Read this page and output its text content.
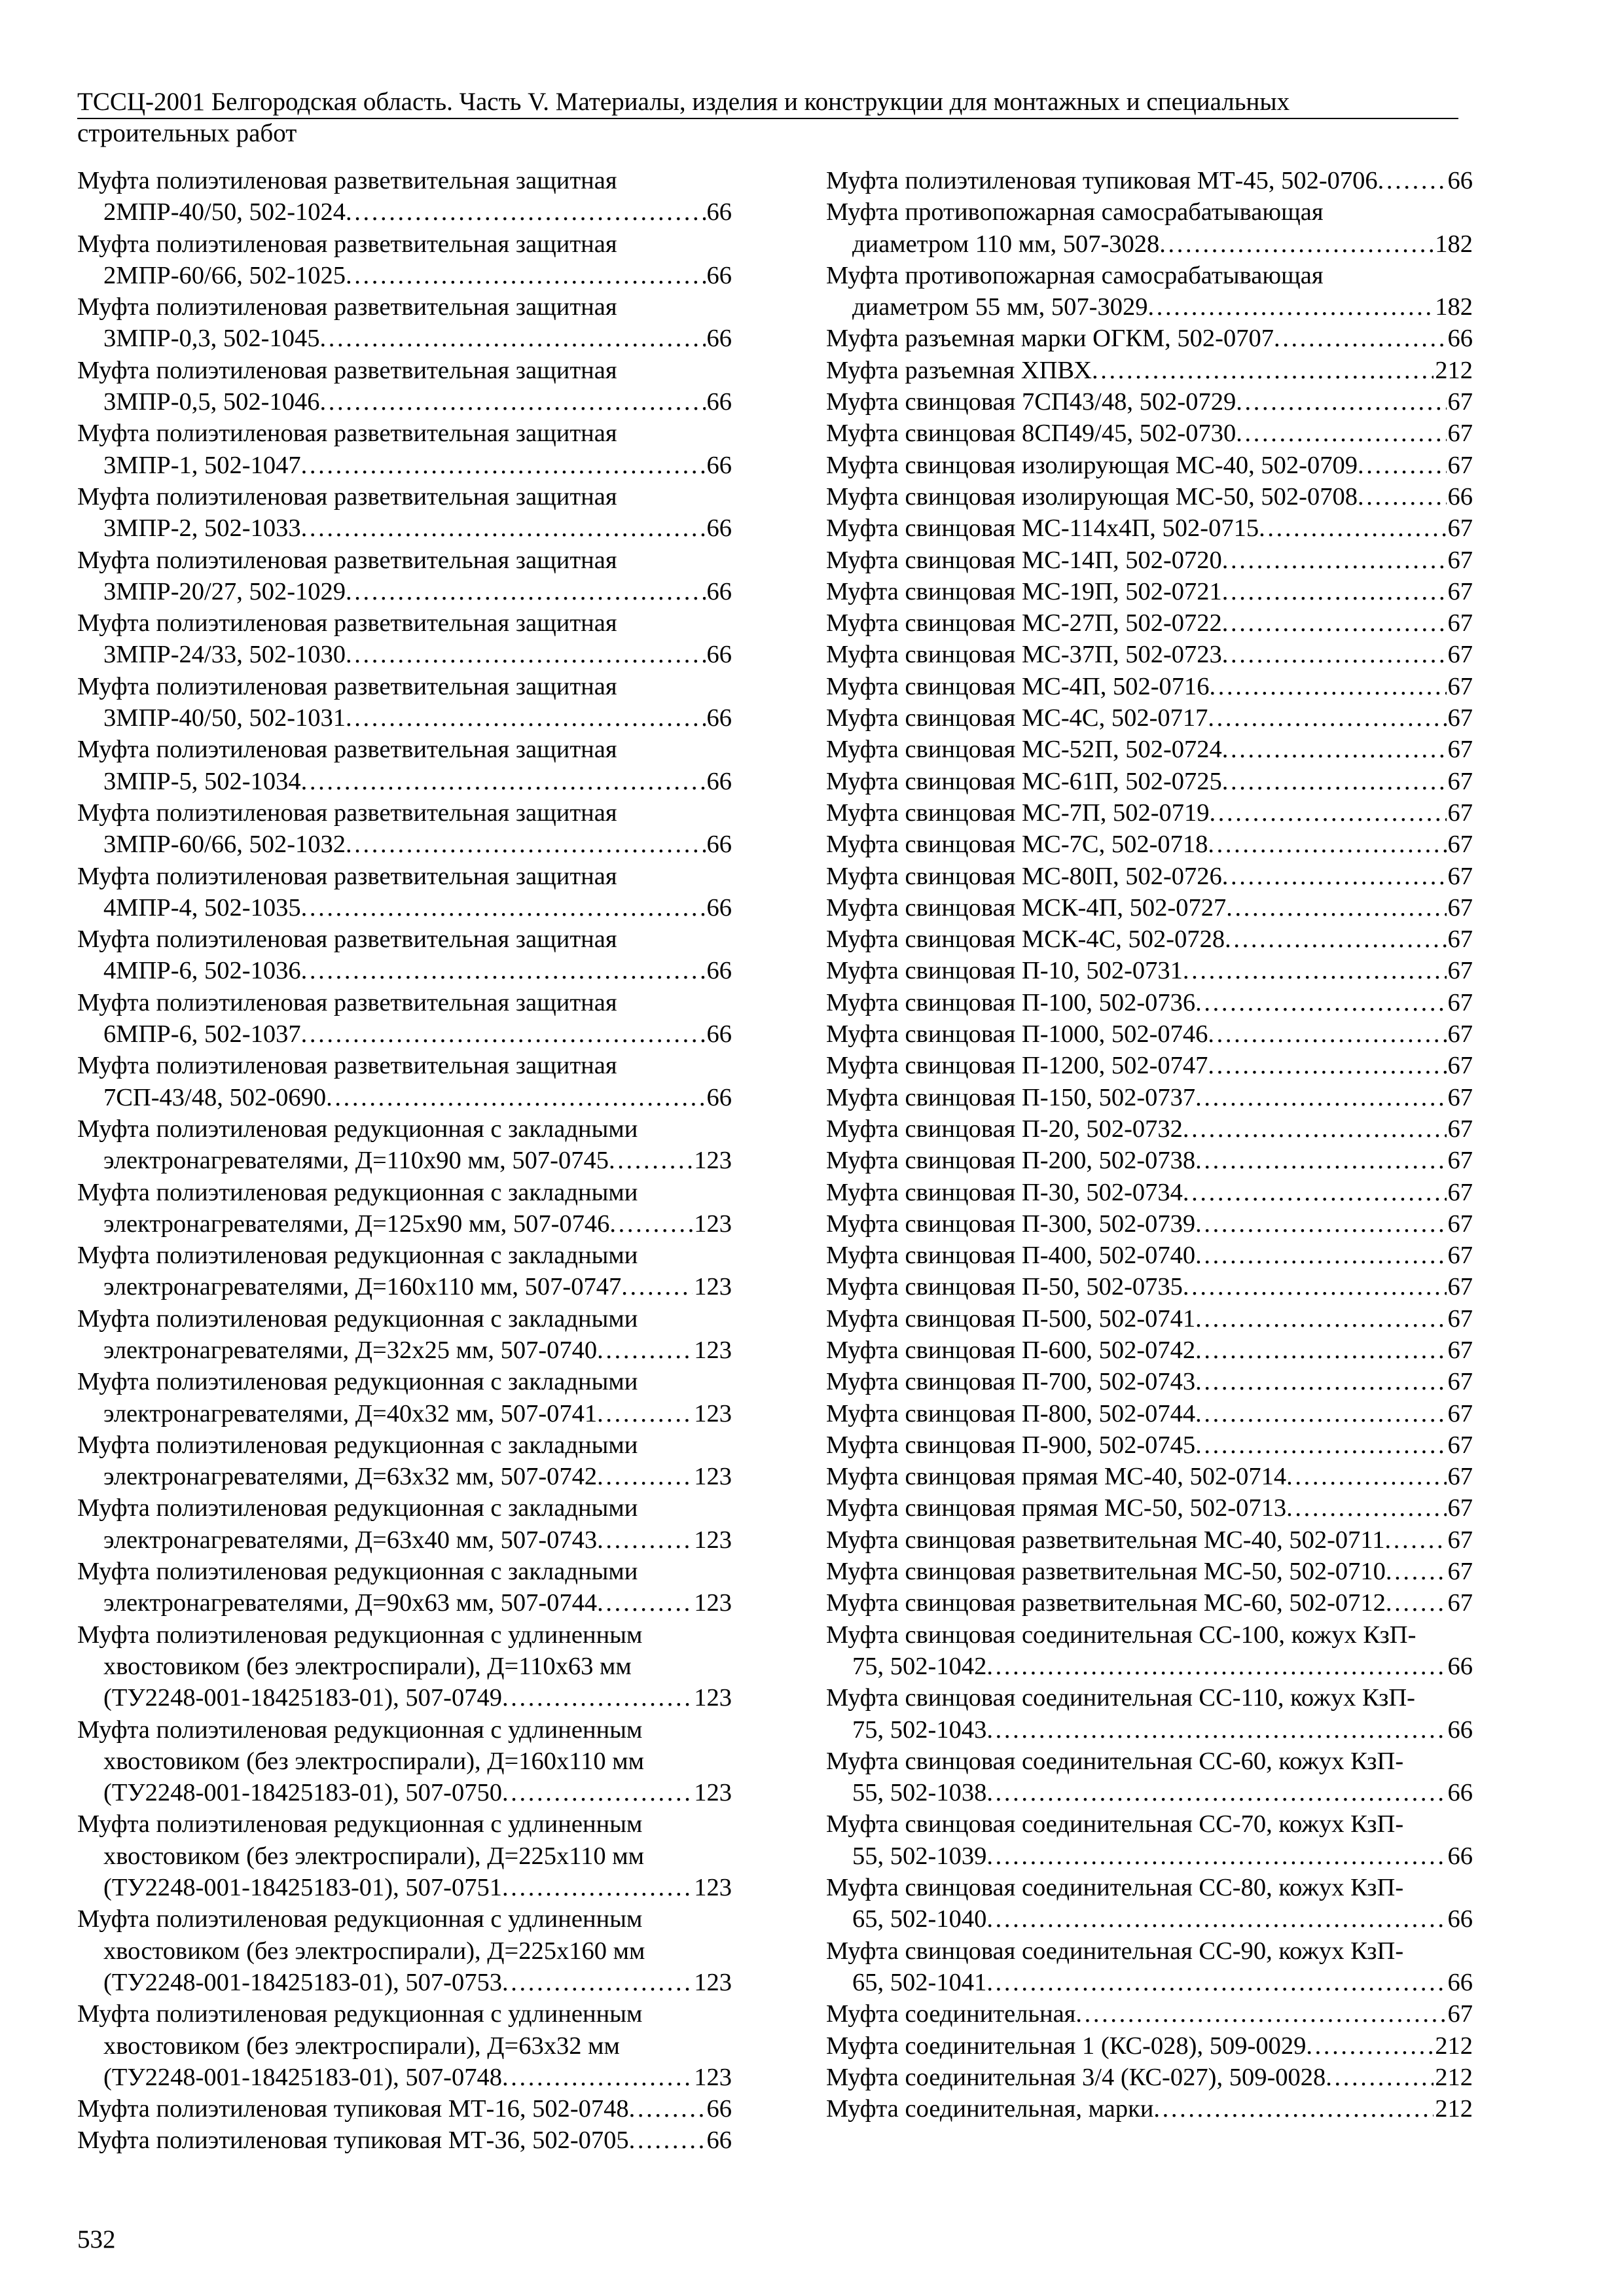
ТССЦ-2001 Белгородская область. Часть V. Материалы, изделия и конструкции для монтажных и специальных
строительных работ
Муфта полиэтиленовая разветвительная защитная
2МПР-40/50, 502-1024 . . .	66
Муфта полиэтиленовая разветвительная защитная
2МПР-60/66, 502-1025 . . .	66
Муфта полиэтиленовая разветвительная защитная
3МПР-0,3, 502-1045 . . .	66
Муфта полиэтиленовая разветвительная защитная
3МПР-0,5, 502-1046 . . .	66
Муфта полиэтиленовая разветвительная защитная
3МПР-1, 502-1047 . . .	66
Муфта полиэтиленовая разветвительная защитная
3МПР-2, 502-1033 . . .	66
Муфта полиэтиленовая разветвительная защитная
3МПР-20/27, 502-1029 . . .	66
Муфта полиэтиленовая разветвительная защитная
3МПР-24/33, 502-1030 . . .	66
Муфта полиэтиленовая разветвительная защитная
3МПР-40/50, 502-1031 . . .	66
Муфта полиэтиленовая разветвительная защитная
3МПР-5, 502-1034 . . .	66
Муфта полиэтиленовая разветвительная защитная
3МПР-60/66, 502-1032 . . .	66
Муфта полиэтиленовая разветвительная защитная
4МПР-4, 502-1035 . . .	66
Муфта полиэтиленовая разветвительная защитная
4МПР-6, 502-1036 . . .	66
Муфта полиэтиленовая разветвительная защитная
6МПР-6, 502-1037 . . .	66
Муфта полиэтиленовая разветвительная защитная
7СП-43/48, 502-0690 . . .	66
Муфта полиэтиленовая редукционная с закладными
электронагревателями, Д=110х90 мм, 507-0745 . . .	123
Муфта полиэтиленовая редукционная с закладными
электронагревателями, Д=125х90 мм, 507-0746 . . .	123
Муфта полиэтиленовая редукционная с закладными
электронагревателями, Д=160х110 мм, 507-0747 . . .	123
Муфта полиэтиленовая редукционная с закладными
электронагревателями, Д=32х25 мм, 507-0740 . . .	123
Муфта полиэтиленовая редукционная с закладными
электронагревателями, Д=40х32 мм, 507-0741 . . .	123
Муфта полиэтиленовая редукционная с закладными
электронагревателями, Д=63х32 мм, 507-0742 . . .	123
Муфта полиэтиленовая редукционная с закладными
электронагревателями, Д=63х40 мм, 507-0743 . . .	123
Муфта полиэтиленовая редукционная с закладными
электронагревателями, Д=90х63 мм, 507-0744 . . .	123
Муфта полиэтиленовая редукционная с удлиненным
хвостовиком (без электроспирали), Д=110х63 мм
(ТУ2248-001-18425183-01), 507-0749 . . .	123
Муфта полиэтиленовая редукционная с удлиненным
хвостовиком (без электроспирали), Д=160х110 мм
(ТУ2248-001-18425183-01), 507-0750 . . .	123
Муфта полиэтиленовая редукционная с удлиненным
хвостовиком (без электроспирали), Д=225х110 мм
(ТУ2248-001-18425183-01), 507-0751 . . .	123
Муфта полиэтиленовая редукционная с удлиненным
хвостовиком (без электроспирали), Д=225х160 мм
(ТУ2248-001-18425183-01), 507-0753 . . .	123
Муфта полиэтиленовая редукционная с удлиненным
хвостовиком (без электроспирали), Д=63х32 мм
(ТУ2248-001-18425183-01), 507-0748 . . .	123
Муфта полиэтиленовая тупиковая МТ-16, 502-0748 . . .	66
Муфта полиэтиленовая тупиковая МТ-36, 502-0705 . . .	66
Муфта полиэтиленовая тупиковая МТ-45, 502-0706 . . .	66
Муфта противопожарная самосрабатывающая
диаметром 110 мм, 507-3028 . . .	182
Муфта противопожарная самосрабатывающая
диаметром 55 мм, 507-3029 . . .	182
Муфта разъемная марки ОГКМ, 502-0707 . . .	66
Муфта разъемная ХПВХ . . .	212
Муфта свинцовая 7СП43/48, 502-0729 . . .	67
Муфта свинцовая 8СП49/45, 502-0730 . . .	67
Муфта свинцовая изолирующая МС-40, 502-0709 . . .	67
Муфта свинцовая изолирующая МС-50, 502-0708 . . .	66
Муфта свинцовая МС-114х4П, 502-0715 . . .	67
Муфта свинцовая МС-14П, 502-0720 . . .	67
Муфта свинцовая МС-19П, 502-0721 . . .	67
Муфта свинцовая МС-27П, 502-0722 . . .	67
Муфта свинцовая МС-37П, 502-0723 . . .	67
Муфта свинцовая МС-4П, 502-0716 . . .	67
Муфта свинцовая МС-4С, 502-0717 . . .	67
Муфта свинцовая МС-52П, 502-0724 . . .	67
Муфта свинцовая МС-61П, 502-0725 . . .	67
Муфта свинцовая МС-7П, 502-0719 . . .	67
Муфта свинцовая МС-7С, 502-0718 . . .	67
Муфта свинцовая МС-80П, 502-0726 . . .	67
Муфта свинцовая МСК-4П, 502-0727 . . .	67
Муфта свинцовая МСК-4С, 502-0728 . . .	67
Муфта свинцовая П-10, 502-0731 . . .	67
Муфта свинцовая П-100, 502-0736 . . .	67
Муфта свинцовая П-1000, 502-0746 . . .	67
Муфта свинцовая П-1200, 502-0747 . . .	67
Муфта свинцовая П-150, 502-0737 . . .	67
Муфта свинцовая П-20, 502-0732 . . .	67
Муфта свинцовая П-200, 502-0738 . . .	67
Муфта свинцовая П-30, 502-0734 . . .	67
Муфта свинцовая П-300, 502-0739 . . .	67
Муфта свинцовая П-400, 502-0740 . . .	67
Муфта свинцовая П-50, 502-0735 . . .	67
Муфта свинцовая П-500, 502-0741 . . .	67
Муфта свинцовая П-600, 502-0742 . . .	67
Муфта свинцовая П-700, 502-0743 . . .	67
Муфта свинцовая П-800, 502-0744 . . .	67
Муфта свинцовая П-900, 502-0745 . . .	67
Муфта свинцовая прямая МС-40, 502-0714 . . .	67
Муфта свинцовая прямая МС-50, 502-0713 . . .	67
Муфта свинцовая разветвительная МС-40, 502-0711 . . . 67
Муфта свинцовая разветвительная МС-50, 502-0710 . . . 67
Муфта свинцовая разветвительная МС-60, 502-0712 . . . 67
Муфта свинцовая соединительная СС-100, кожух КзП-
75, 502-1042 . . .	66
Муфта свинцовая соединительная СС-110, кожух КзП-
75, 502-1043 . . .	66
Муфта свинцовая соединительная СС-60, кожух КзП-
55, 502-1038 . . .	66
Муфта свинцовая соединительная СС-70, кожух КзП-
55, 502-1039 . . .	66
Муфта свинцовая соединительная СС-80, кожух КзП-
65, 502-1040 . . .	66
Муфта свинцовая соединительная СС-90, кожух КзП-
65, 502-1041 . . .	66
Муфта соединительная . . .	67
Муфта соединительная 1 (КС-028), 509-0029 . . .	212
Муфта соединительная 3/4 (КС-027), 509-0028 . . .	212
Муфта соединительная, марки . . .	212
532
